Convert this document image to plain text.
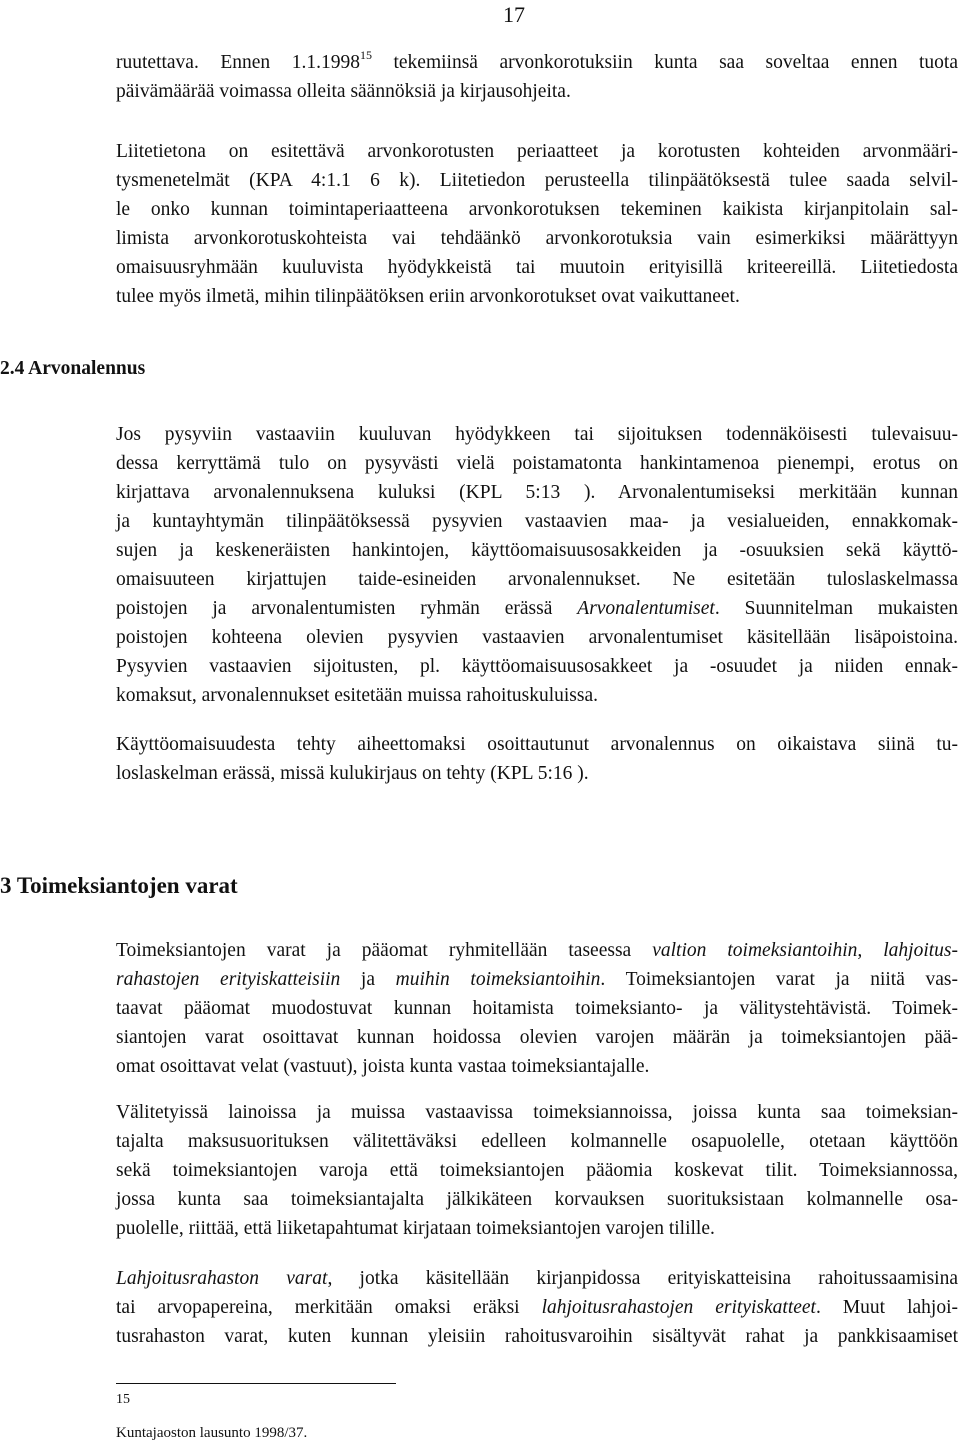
17
ruutettava. Ennen 1.1.1998$^{15}$ tekemiinsä arvonkorotuksiin kunta saa soveltaa ennen tuota
päivämäärää voimassa olleita säännöksiä ja kirjausohjeita.
Liitetietona on esitettävä arvonkorotusten periaatteet ja korotusten kohteiden arvonmääri-
tysmenetelmät (KPA 4:1.1 6 k). Liitetiedon perusteella tilinpäätöksestä tulee saada selvil-
le onko kunnan toimintaperiaatteena arvonkorotuksen tekeminen kaikista kirjanpitolain sal-
limista arvonkorotuskohteista vai tehdäänkö arvonkorotuksia vain esimerkiksi määrättyyn
omaisuusryhmään kuuluvista hyödykkeistä tai muutoin erityisillä kriteereillä. Liitetiedosta
tulee myös ilmetä, mihin tilinpäätöksen eriin arvonkorotukset ovat vaikuttaneet.
2.4 Arvonalennus
Jos pysyviin vastaaviin kuuluvan hyödykkeen tai sijoituksen todennäköisesti tulevaisuu-
dessa kerryttämä tulo on pysyvästi vielä poistamatonta hankintamenoa pienempi, erotus on
kirjattava arvonalennuksena kuluksi (KPL 5:13 ). Arvonalentumiseksi merkitään kunnan
ja kuntayhtymän tilinpäätöksessä pysyvien vastaavien maa- ja vesialueiden, ennakkomak-
sujen ja keskeneräisten hankintojen, käyttöomaisuusosakkeiden ja -osuuksien sekä käyttö-
omaisuuteen kirjattujen taide-esineiden arvonalennukset. Ne esitetään tuloslaskelmassa
poistojen ja arvonalentumisten ryhmän erässä Arvonalentumiset. Suunnitelman mukaisten
poistojen kohteena olevien pysyvien vastaavien arvonalentumiset käsitellään lisäpoistoina.
Pysyvien vastaavien sijoitusten, pl. käyttöomaisuusosakkeet ja -osuudet ja niiden ennak-
komaksut, arvonalennukset esitetään muissa rahoituskuluissa.
Käyttöomaisuudesta tehty aiheettomaksi osoittautunut arvonalennus on oikaistava siinä tu-
loslaskelman erässä, missä kulukirjaus on tehty (KPL 5:16 ).
3 Toimeksiantojen varat
Toimeksiantojen varat ja pääomat ryhmitellään taseessa valtion toimeksiantoihin, lahjoitus-
rahastojen erityiskatteisiin ja muihin toimeksiantoihin. Toimeksiantojen varat ja niitä vas-
taavat pääomat muodostuvat kunnan hoitamista toimeksianto- ja välitystehtävistä. Toimek-
siantojen varat osoittavat kunnan hoidossa olevien varojen määrän ja toimeksiantojen pää-
omat osoittavat velat (vastuut), joista kunta vastaa toimeksiantajalle.
Välitetyissä lainoissa ja muissa vastaavissa toimeksiannoissa, joissa kunta saa toimeksian-
tajalta maksusuorituksen välitettäväksi edelleen kolmannelle osapuolelle, otetaan käyttöön
sekä toimeksiantojen varoja että toimeksiantojen pääomia koskevat tilit. Toimeksiannossa,
jossa kunta saa toimeksiantajalta jälkikäteen korvauksen suorituksistaan kolmannelle osa-
puolelle, riittää, että liiketapahtumat kirjataan toimeksiantojen varojen tilille.
Lahjoitusrahaston varat, jotka käsitellään kirjanpidossa erityiskatteisina rahoitussaamisina
tai arvopapereina, merkitään omaksi eräksi lahjoitusrahastojen erityiskatteet. Muut lahjoi-
tusrahaston varat, kuten kunnan yleisiin rahoitusvaroihin sisältyvät rahat ja pankkisaamiset
15
Kuntajaoston lausunto 1998/37.
